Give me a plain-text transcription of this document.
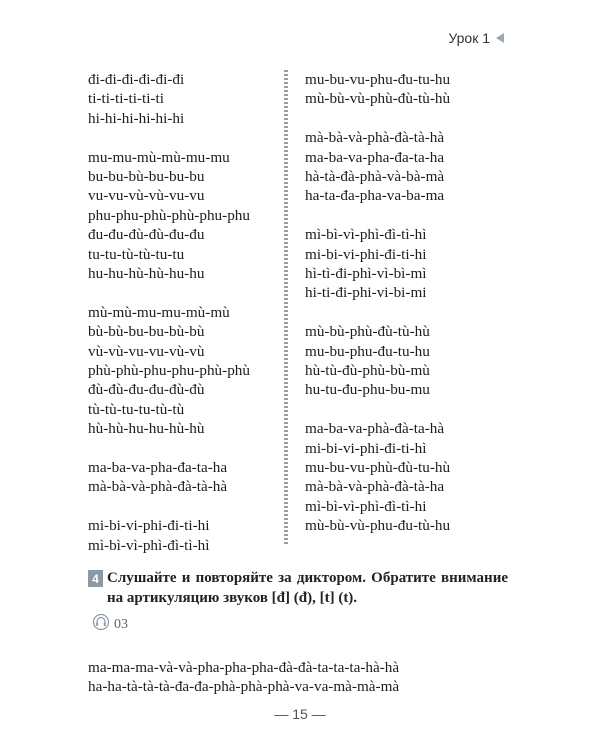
Урок 1
đi-đi-đi-đi-đi-đi
ti-ti-ti-ti-ti-ti
hi-hi-hi-hi-hi-hi
mu-mu-mù-mù-mu-mu
bu-bu-bù-bu-bu-bu
vu-vu-vù-vù-vu-vu
phu-phu-phù-phù-phu-phu
đu-đu-đù-đù-đu-đu
tu-tu-tù-tù-tu-tu
hu-hu-hù-hù-hu-hu
mù-mù-mu-mu-mù-mù
bù-bù-bu-bu-bù-bù
vù-vù-vu-vu-vù-vù
phù-phù-phu-phu-phù-phù
đù-đù-đu-đu-đù-đù
tù-tù-tu-tu-tù-tù
hù-hù-hu-hu-hù-hù
ma-ba-va-pha-đa-ta-ha
mà-bà-và-phà-đà-tà-hà
mi-bi-vi-phi-đi-ti-hi
mì-bì-vì-phì-đì-tì-hì
mu-bu-vu-phu-đu-tu-hu
mù-bù-vù-phù-đù-tù-hù
mà-bà-và-phà-đà-tà-hà
ma-ba-va-pha-đa-ta-ha
hà-tà-đà-phà-và-bà-mà
ha-ta-đa-pha-va-ba-ma
mì-bì-vì-phì-đì-tì-hì
mi-bi-vi-phi-đi-ti-hi
hì-tì-đi-phì-vì-bì-mì
hi-ti-đi-phi-vi-bi-mi
mù-bù-phù-đù-tù-hù
mu-bu-phu-đu-tu-hu
hù-tù-đù-phù-bù-mù
hu-tu-đu-phu-bu-mu
ma-ba-va-phà-đà-ta-hà
mi-bi-vi-phi-đi-ti-hì
mu-bu-vu-phù-đù-tu-hù
mà-bà-và-phà-đà-tà-ha
mì-bì-vì-phì-đì-tì-hi
mù-bù-vù-phu-đu-tù-hu
4 Слушайте и повторяйте за диктором. Обратите внимание на артикуляцию звуков [đ] (đ), [t] (t).
03
ma-ma-ma-và-và-pha-pha-pha-đà-đà-ta-ta-ta-hà-hà
ha-ha-tà-tà-tà-đa-đa-phà-phà-phà-va-va-mà-mà-mà
— 15 —
